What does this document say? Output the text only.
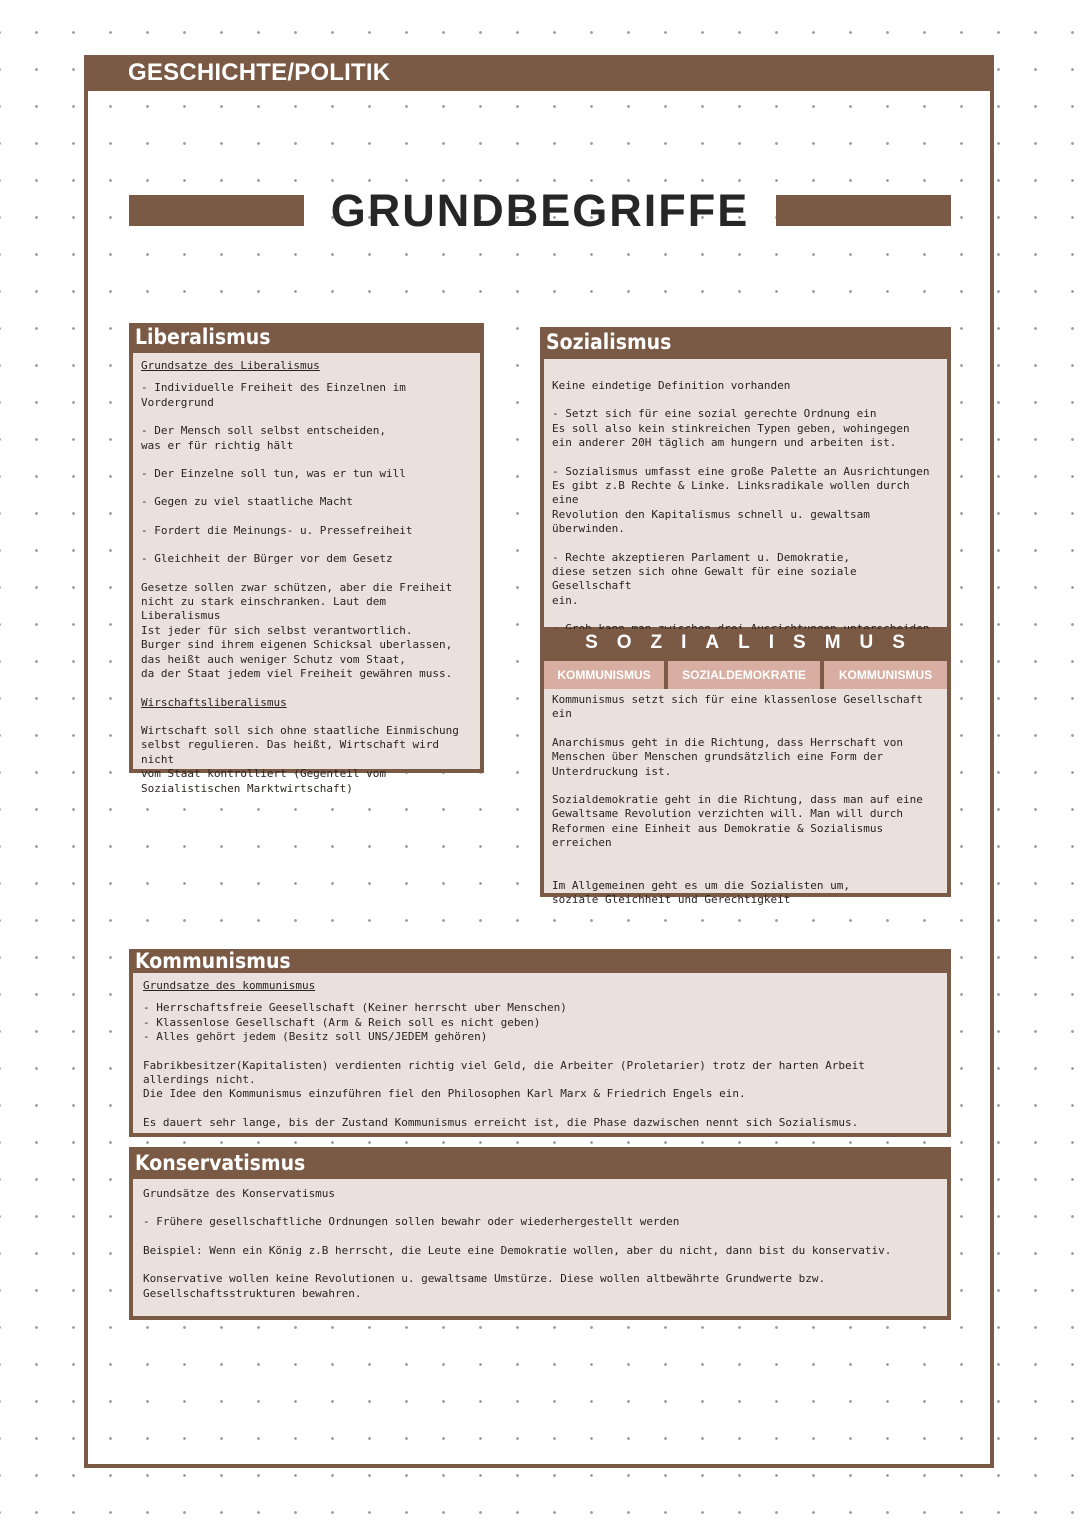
GESCHICHTE/POLITIK
GRUNDBEGRIFFE
Liberalismus

Grundsatze des Liberalismus

- Individuelle Freiheit des Einzelnen im Vordergrund

- Der Mensch soll selbst entscheiden,
was er für richtig hält

- Der Einzelne soll tun, was er tun will

- Gegen zu viel staatliche Macht

- Fordert die Meinungs- u. Pressefreiheit

- Gleichheit der Bürger vor dem Gesetz

Gesetze sollen zwar schützen, aber die Freiheit
nicht zu stark einschranken. Laut dem Liberalismus
Ist jeder für sich selbst verantwortlich.
Burger sind ihrem eigenen Schicksal uberlassen,
das heißt auch weniger Schutz vom Staat,
da der Staat jedem viel Freiheit gewähren muss.

Wirschaftsliberalismus

Wirtschaft soll sich ohne staatliche Einmischung
selbst regulieren. Das heißt, Wirtschaft wird nicht
vom Staat kontrolliert (Gegenteil vom
Sozialistischen Marktwirtschaft)

Sozialismus

Keine eindetige Definition vorhanden

- Setzt sich für eine sozial gerechte Ordnung ein
Es soll also kein stinkreichen Typen geben, wohingegen
ein anderer 20H täglich am hungern und arbeiten ist.

- Sozialismus umfasst eine große Palette an Ausrichtungen
Es gibt z.B Rechte & Linke. Linksradikale wollen durch eine
Revolution den Kapitalismus schnell u. gewaltsam überwinden.

- Rechte akzeptieren Parlament u. Demokratie,
diese setzen sich ohne Gewalt für eine soziale Gesellschaft
ein.

SOZIALISMUS
KOMMUNISMUS	SOZIALDEMOKRATIE	KOMMUNISMUS

Kommunismus setzt sich für eine klassenlose Gesellschaft ein

Anarchismus geht in die Richtung, dass Herrschaft von
Menschen über Menschen grundsätzlich eine Form der
Unterdruckung ist.

Sozialdemokratie geht in die Richtung, dass man auf eine
Gewaltsame Revolution verzichten will. Man will durch
Reformen eine Einheit aus Demokratie & Sozialismus erreichen

Im Allgemeinen geht es um die Sozialisten um,
soziale Gleichheit und Gerechtigkeit

Kommunismus

Grundsatze des kommunismus

- Herrschaftsfreie Geesellschaft (Keiner herrscht uber Menschen)

- Klassenlose Gesellschaft (Arm & Reich soll es nicht geben)

- Alles gehört jedem (Besitz soll UNS/JEDEM gehören)

Fabrikbesitzer(Kapitalisten) verdienten richtig viel Geld, die Arbeiter (Proletarier) trotz der harten Arbeit allerdings nicht.
Die Idee den Kommunismus einzuführen fiel den Philosophen Karl Marx & Friedrich Engels ein.

Es dauert sehr lange, bis der Zustand Kommunismus erreicht ist, die Phase dazwischen nennt sich Sozialismus.

Konservatismus

Grundsätze des Konservatismus

- Frühere gesellschaftliche Ordnungen sollen bewahr oder wiederhergestellt werden

Beispiel: Wenn ein König z.B herrscht, die Leute eine Demokratie wollen, aber du nicht, dann bist du konservativ.

Konservative wollen keine Revolutionen u. gewaltsame Umstürze. Diese wollen altbewährte Grundwerte bzw.
Gesellschaftsstrukturen bewahren.
